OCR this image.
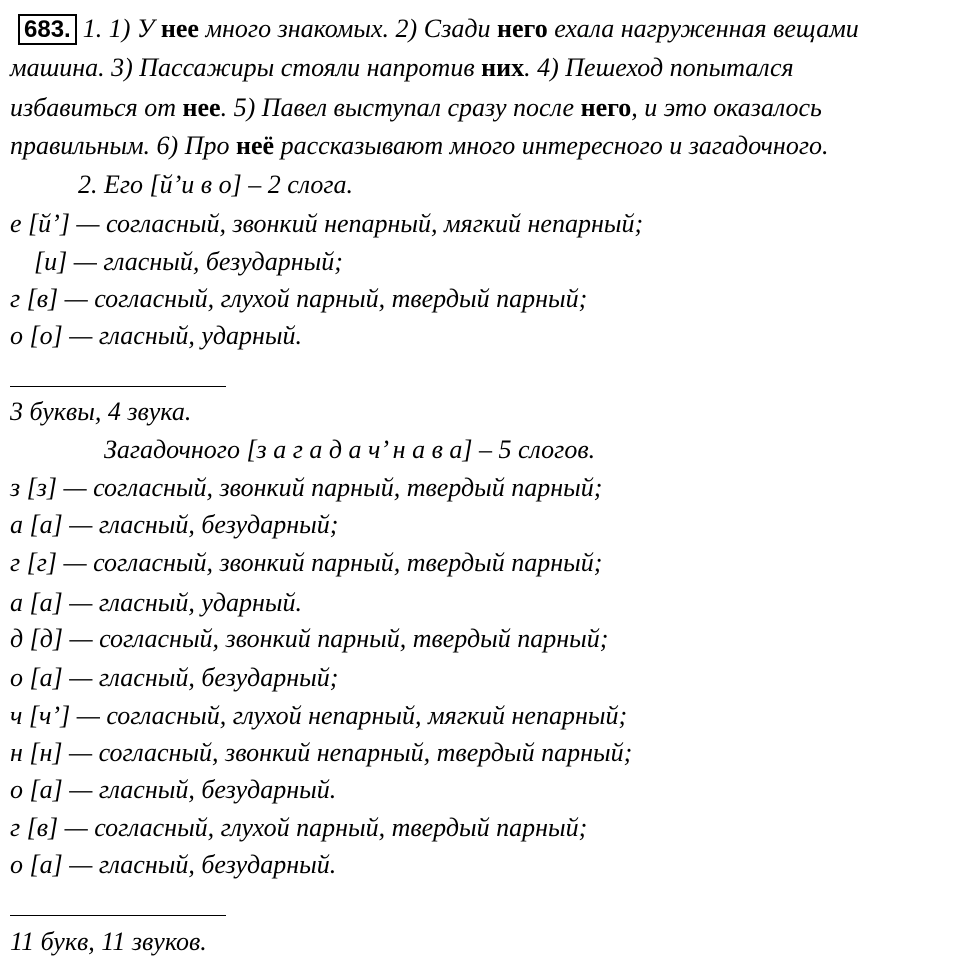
683. 1. 1) У нее много знакомых. 2) Сзади него ехала нагруженная вещами
машина. 3) Пассажиры стояли напротив них. 4) Пешеход попытался
избавиться от нее. 5) Павел выступал сразу после него, и это оказалось
правильным. 6) Про неё рассказывают много интересного и загадочного.
2. Его [й’и в о] – 2 слога.
е [й’] — согласный, звонкий непарный, мягкий непарный;
[и] — гласный, безударный;
г [в] — согласный, глухой парный, твердый парный;
о [о] — гласный, ударный.
3 буквы, 4 звука.
Загадочного [з а г а д а ч’ н а в а] – 5 слогов.
з [з] — согласный, звонкий парный, твердый парный;
а [а] — гласный, безударный;
г [г] — согласный, звонкий парный, твердый парный;
а [а] — гласный, ударный.
д [д] — согласный, звонкий парный, твердый парный;
о [а] — гласный, безударный;
ч [ч’] — согласный, глухой непарный, мягкий непарный;
н [н] — согласный, звонкий непарный, твердый парный;
о [а] — гласный, безударный.
г [в] — согласный, глухой парный, твердый парный;
о [а] — гласный, безударный.
11 букв, 11 звуков.
